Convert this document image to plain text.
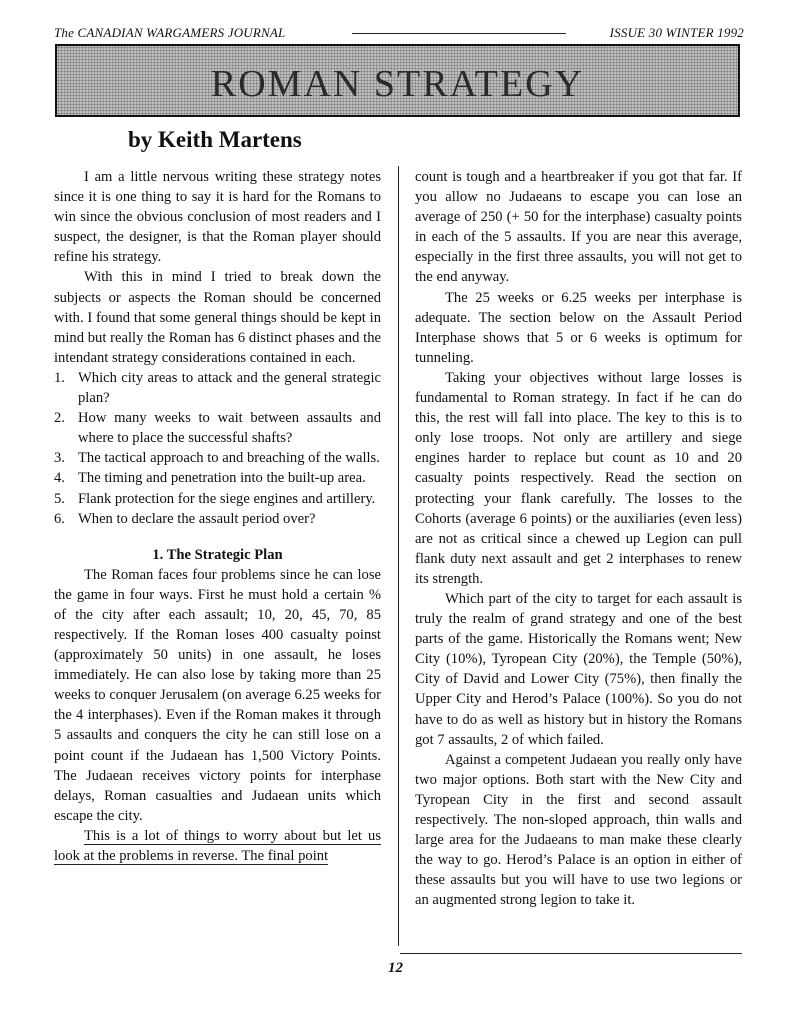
The CANADIAN WARGAMERS JOURNAL	ISSUE 30 WINTER 1992
ROMAN STRATEGY
by Keith Martens

I am a little nervous writing these strategy notes since it is one thing to say it is hard for the Romans to win since the obvious conclusion of most readers and I suspect, the designer, is that the Roman player should refine his strategy.

With this in mind I tried to break down the subjects or aspects the Roman should be concerned with. I found that some general things should be kept in mind but really the Roman has 6 distinct phases and the intendant strategy considerations contained in each.

1. Which city areas to attack and the general strategic plan?
2. How many weeks to wait between assaults and where to place the successful shafts?
3. The tactical approach to and breaching of the walls.
4. The timing and penetration into the built-up area.
5. Flank protection for the siege engines and artillery.
6. When to declare the assault period over?
1. The Strategic Plan

The Roman faces four problems since he can lose the game in four ways. First he must hold a certain % of the city after each assault; 10, 20, 45, 70, 85 respectively. If the Roman loses 400 casualty poinst (approximately 50 units) in one assault, he loses immediately. He can also lose by taking more than 25 weeks to conquer Jerusalem (on average 6.25 weeks for the 4 interphases). Even if the Roman makes it through 5 assaults and conquers the city he can still lose on a point count if the Judaean has 1,500 Victory Points. The Judaean receives victory points for interphase delays, Roman casualties and Judaean units which escape the city.

This is a lot of things to worry about but let us look at the problems in reverse. The final point

count is tough and a heartbreaker if you got that far. If you allow no Judaeans to escape you can lose an average of 250 (+ 50 for the interphase) casualty points in each of the 5 assaults. If you are near this average, especially in the first three assaults, you will not get to the end anyway.

The 25 weeks or 6.25 weeks per interphase is adequate. The section below on the Assault Period Interphase shows that 5 or 6 weeks is optimum for tunneling.

Taking your objectives without large losses is fundamental to Roman strategy. In fact if he can do this, the rest will fall into place. The key to this is to only lose troops. Not only are artillery and siege engines harder to replace but count as 10 and 20 casualty points respectively. Read the section on protecting your flank carefully. The losses to the Cohorts (average 6 points) or the auxiliaries (even less) are not as critical since a chewed up Legion can pull flank duty next assault and get 2 interphases to renew its strength.

Which part of the city to target for each assault is truly the realm of grand strategy and one of the best parts of the game. Historically the Romans went; New City (10%), Tyropean City (20%), the Temple (50%), City of David and Lower City (75%), then finally the Upper City and Herod’s Palace (100%). So you do not have to do as well as history but in history the Romans got 7 assaults, 2 of which failed.

Against a competent Judaean you really only have two major options. Both start with the New City and Tyropean City in the first and second assault respectively. The non-sloped approach, thin walls and large area for the Judaeans to man make these clearly the way to go. Herod’s Palace is an option in either of these assaults but you will have to use two legions or an augmented strong legion to take it.

12
